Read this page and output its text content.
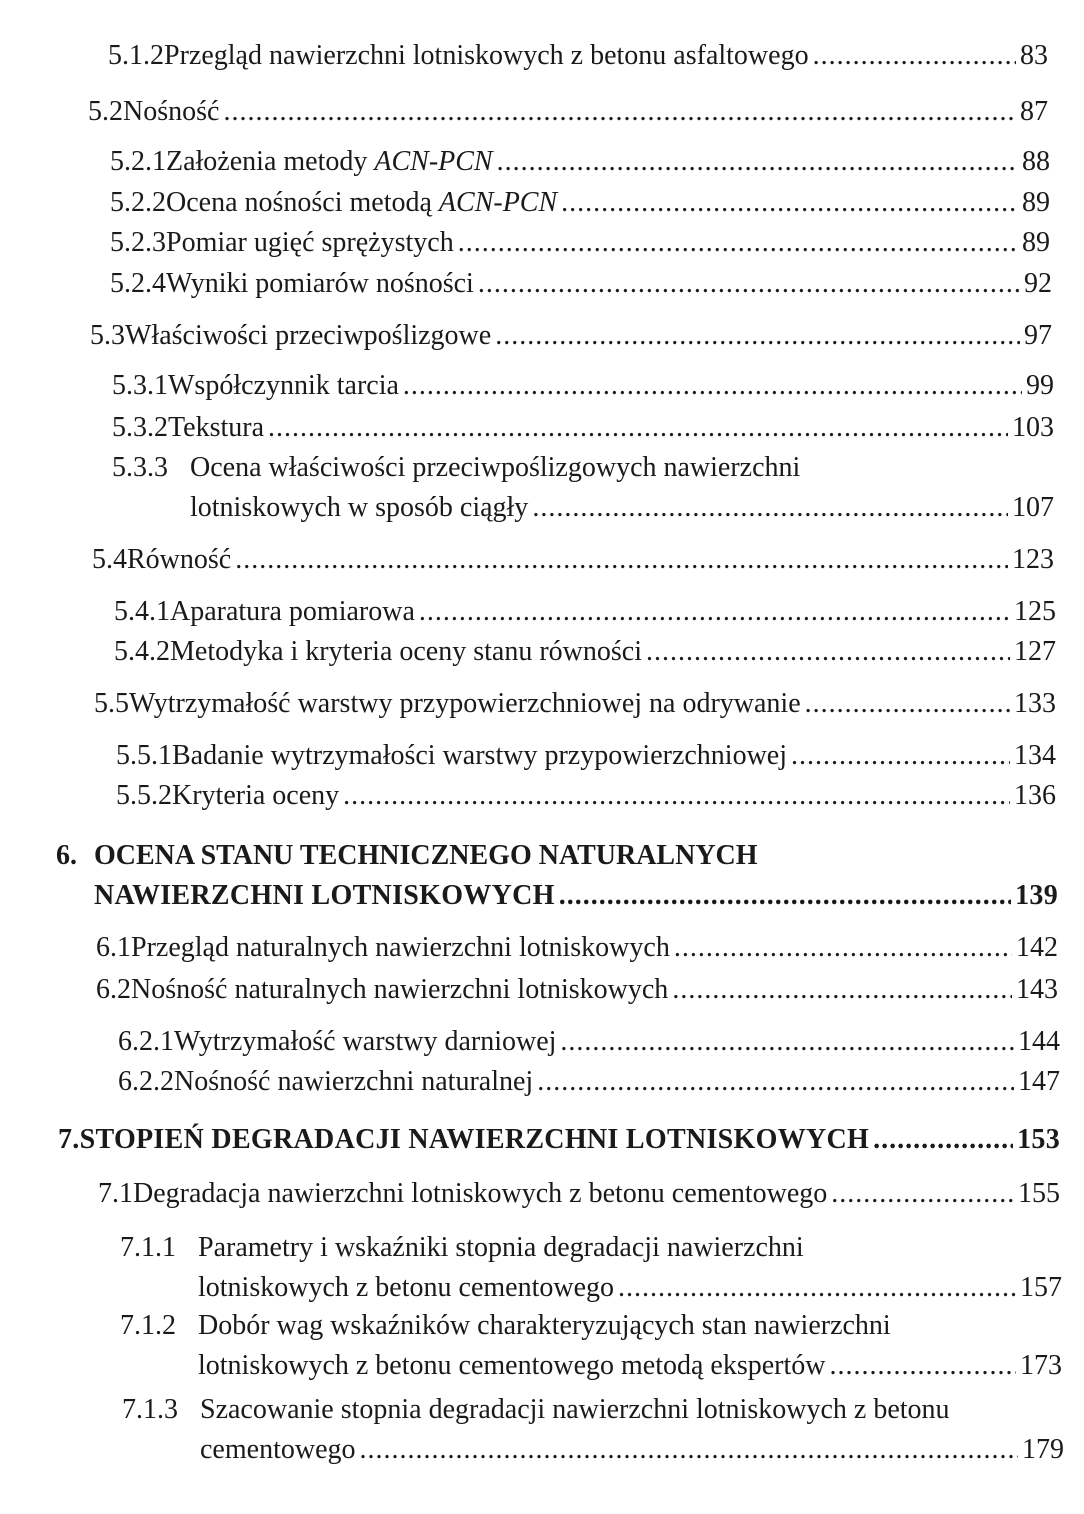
5.1.2 Przegląd nawierzchni lotniskowych z betonu asfaltowego .....	83
5.2 Nośność .....	87
5.2.1 Założenia metody ACN-PCN .....	88
5.2.2 Ocena nośności metodą ACN-PCN .....	89
5.2.3 Pomiar ugięć sprężystych .....	89
5.2.4 Wyniki pomiarów nośności .....	92
5.3 Właściwości przeciwpoślizgowe .....	97
5.3.1 Współczynnik tarcia .....	99
5.3.2 Tekstura .....	103
5.3.3 Ocena właściwości przeciwpoślizgowych nawierzchni
lotniskowych w sposób ciągły .....	107
5.4 Równość .....	123
5.4.1 Aparatura pomiarowa .....	125
5.4.2 Metodyka i kryteria oceny stanu równości .....	127
5.5 Wytrzymałość warstwy przypowierzchniowej na odrywanie .....	133
5.5.1 Badanie wytrzymałości warstwy przypowierzchniowej .....	134
5.5.2 Kryteria oceny .....	136
6. OCENA STANU TECHNICZNEGO NATURALNYCH
NAWIERZCHNI LOTNISKOWYCH .....	139
6.1 Przegląd naturalnych nawierzchni lotniskowych .....	142
6.2 Nośność naturalnych nawierzchni lotniskowych .....	143
6.2.1 Wytrzymałość warstwy darniowej .....	144
6.2.2 Nośność nawierzchni naturalnej .....	147
7. STOPIEŃ DEGRADACJI NAWIERZCHNI LOTNISKOWYCH .....	153
7.1 Degradacja nawierzchni lotniskowych z betonu cementowego .....	155
7.1.1 Parametry i wskaźniki stopnia degradacji nawierzchni
lotniskowych z betonu cementowego .....	157
7.1.2 Dobór wag wskaźników charakteryzujących stan nawierzchni
lotniskowych z betonu cementowego metodą ekspertów .....	173
7.1.3 Szacowanie stopnia degradacji nawierzchni lotniskowych z betonu
cementowego .....	179
